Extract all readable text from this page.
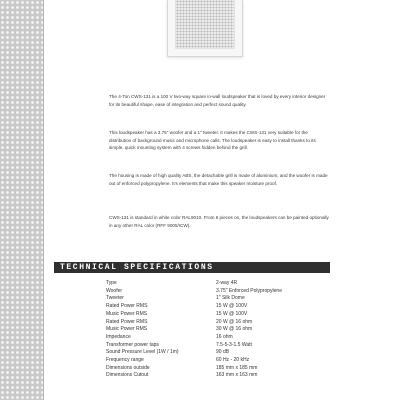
The 4-Ton CWS-131 is a 100 V two-way square in-wall loudspeaker that is loved by every interior designer for its beautiful shape, ease of integration and perfect sound quality.

This loudspeaker has a 3.75" woofer and a 1" tweeter. It makes the CWS-131 very suitable for the distribution of background music and microphone calls. The loudspeaker is easy to install thanks to its simple, quick mounting system with 4 screws hidden behind the grill.

The housing is made of high quality ABS, the detachable grill is made of aluminium, and the woofer is made out of enforced polypropylene. It's elements that make this speaker moisture proof.

CWS-131 is standard in white color RAL9010. From 6 pieces on, the loudspeakers can be painted optionally in any other RAL color (RFF 9005/ICW).

TECHNICAL SPECIFICATIONS
Type	2-way 4R
Woofer	3.75" Enforced Polypropylene
Tweeter	1" Silk Dome
Rated Power RMS	15 W @ 100V
Music Power RMS	15 W @ 100V
Rated Power RMS	20 W @ 16 ohm
Music Power RMS	30 W @ 16 ohm
Impedance	16 ohm
Transformer power taps	7.5-5-3-1.5 Watt
Sound Pressure Level (1W / 1m)	90 dB
Frequency range	60 Hz - 20 kHz
Dimensions outside	185 mm x 185 mm
Dimensions Cutout	163 mm x 163 mm
